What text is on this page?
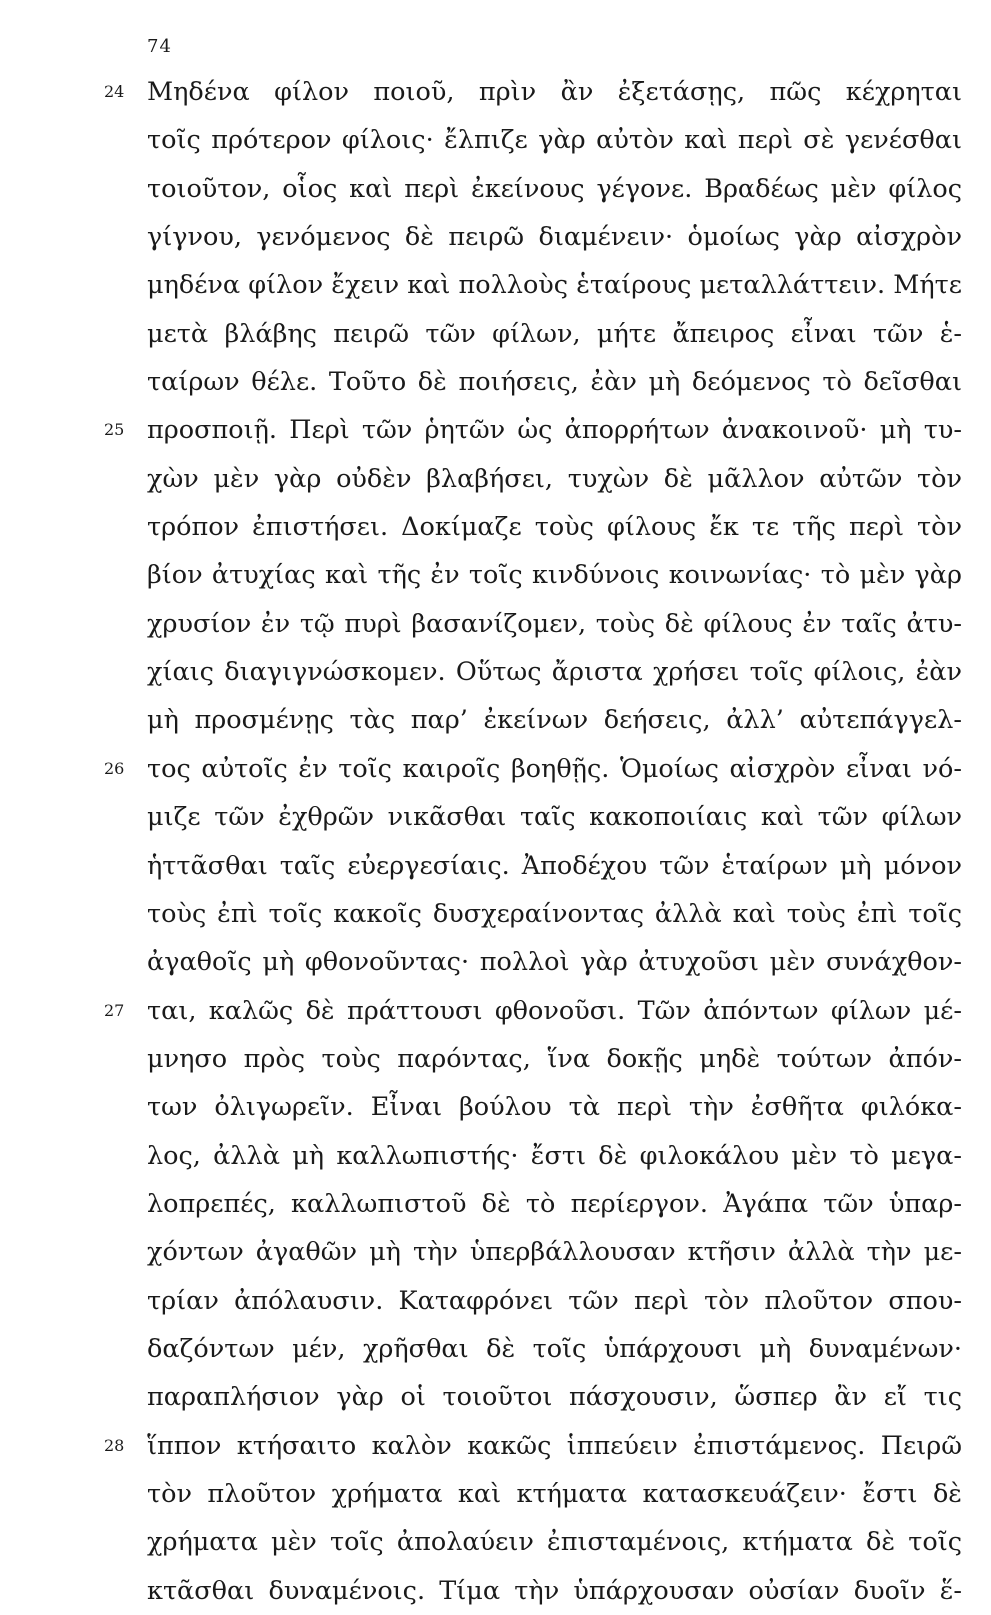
74
24 Μηδένα φίλον ποιοῦ, πρὶν ἂν ἐξετάσῃς, πῶς κέχρηται
τοῖς πρότερον φίλοις· ἔλπιζε γὰρ αὐτὸν καὶ περὶ σὲ γενέσθαι
τοιοῦτον, οἷος καὶ περὶ ἐκείνους γέγονε. Βραδέως μὲν φίλος
γίγνου, γενόμενος δὲ πειρῶ διαμένειν· ὁμοίως γὰρ αἰσχρὸν
μηδένα φίλον ἔχειν καὶ πολλοὺς ἑταίρους μεταλλάττειν. Μήτε
μετὰ βλάβης πειρῶ τῶν φίλων, μήτε ἄπειρος εἶναι τῶν ἑ-
ταίρων θέλε. Τοῦτο δὲ ποιήσεις, ἐὰν μὴ δεόμενος τὸ δεῖσθαι
25 προσποιῇ. Περὶ τῶν ῥητῶν ὡς ἀπορρήτων ἀνακοινοῦ· μὴ τυ-
χὼν μὲν γὰρ οὐδὲν βλαβήσει, τυχὼν δὲ μᾶλλον αὐτῶν τὸν
τρόπον ἐπιστήσει. Δοκίμαζε τοὺς φίλους ἔκ τε τῆς περὶ τὸν
βίον ἀτυχίας καὶ τῆς ἐν τοῖς κινδύνοις κοινωνίας· τὸ μὲν γὰρ
χρυσίον ἐν τῷ πυρὶ βασανίζομεν, τοὺς δὲ φίλους ἐν ταῖς ἀτυ-
χίαις διαγιγνώσκομεν. Οὕτως ἄριστα χρήσει τοῖς φίλοις, ἐὰν
μὴ προσμένῃς τὰς παρ’ ἐκείνων δεήσεις, ἀλλ’ αὐτεπάγγελ-
26 τος αὐτοῖς ἐν τοῖς καιροῖς βοηθῇς. Ὁμοίως αἰσχρὸν εἶναι νό-
μιζε τῶν ἐχθρῶν νικᾶσθαι ταῖς κακοποιίαις καὶ τῶν φίλων
ἡττᾶσθαι ταῖς εὐεργεσίαις. Ἀποδέχου τῶν ἑταίρων μὴ μόνον
τοὺς ἐπὶ τοῖς κακοῖς δυσχεραίνοντας ἀλλὰ καὶ τοὺς ἐπὶ τοῖς
ἀγαθοῖς μὴ φθονοῦντας· πολλοὶ γὰρ ἀτυχοῦσι μὲν συνάχθον-
27 ται, καλῶς δὲ πράττουσι φθονοῦσι. Τῶν ἀπόντων φίλων μέ-
μνησο πρὸς τοὺς παρόντας, ἵνα δοκῇς μηδὲ τούτων ἀπόν-
των ὀλιγωρεῖν. Εἶναι βούλου τὰ περὶ τὴν ἐσθῆτα φιλόκα-
λος, ἀλλὰ μὴ καλλωπιστής· ἔστι δὲ φιλοκάλου μὲν τὸ μεγα-
λοπρεπές, καλλωπιστοῦ δὲ τὸ περίεργον. Ἀγάπα τῶν ὑπαρ-
χόντων ἀγαθῶν μὴ τὴν ὑπερβάλλουσαν κτῆσιν ἀλλὰ τὴν με-
τρίαν ἀπόλαυσιν. Καταφρόνει τῶν περὶ τὸν πλοῦτον σπου-
δαζόντων μέν, χρῆσθαι δὲ τοῖς ὑπάρχουσι μὴ δυναμένων·
παραπλήσιον γὰρ οἱ τοιοῦτοι πάσχουσιν, ὥσπερ ἂν εἴ τις
28 ἵππον κτήσαιτο καλὸν κακῶς ἱππεύειν ἐπιστάμενος. Πειρῶ
τὸν πλοῦτον χρήματα καὶ κτήματα κατασκευάζειν· ἔστι δὲ
χρήματα μὲν τοῖς ἀπολαύειν ἐπισταμένοις, κτήματα δὲ τοῖς
κτᾶσθαι δυναμένοις. Τίμα τὴν ὑπάρχουσαν οὐσίαν δυοῖν ἕ-
